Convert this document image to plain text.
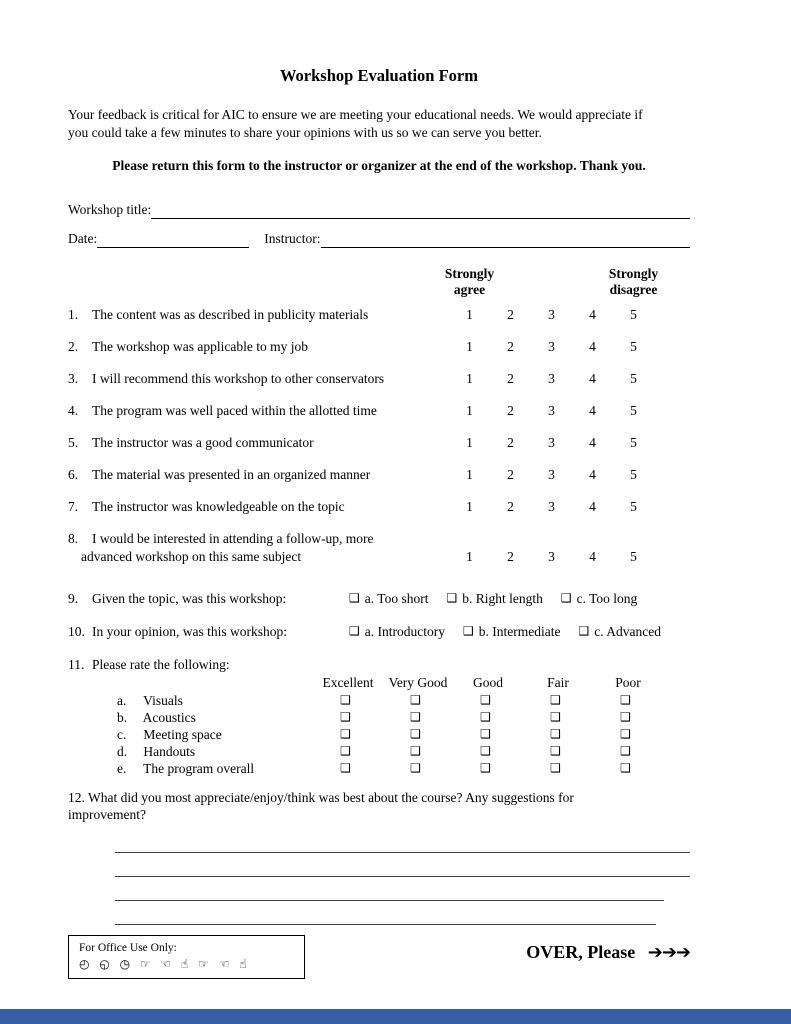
Workshop Evaluation Form

Your feedback is critical for AIC to ensure we are meeting your educational needs. We would appreciate if
you could take a few minutes to share your opinions with us so we can serve you better.

Please return this form to the instructor or organizer at the end of the workshop. Thank you.

Workshop title:
Date:	Instructor:
Strongly
agree
Strongly
disagree
1.	The content was as described in publicity materials	1	2	3	4	5
2.	The workshop was applicable to my job	1	2	3	4	5
3.	I will recommend this workshop to other conservators	1	2	3	4	5
4.	The program was well paced within the allotted time	1	2	3	4	5
5.	The instructor was a good communicator	1	2	3	4	5
6.	The material was presented in an organized manner	1	2	3	4	5
7.	The instructor was knowledgeable on the topic	1	2	3	4	5
8.	I would be interested in attending a follow-up, more
advanced workshop on this same subject	1	2	3	4	5
9.	Given the topic, was this workshop:	❑ a. Too short ❑ b. Right length ❑ c. Too long
10. In your opinion, was this workshop:	❑ a. Introductory ❑ b. Intermediate ❑ c. Advanced
11. Please rate the following:
Excellent	Very Good	Good	Fair	Poor
a. Visuals	❑	❑	❑	❑	❑
b. Acoustics	❑	❑	❑	❑	❑
c. Meeting space	❑	❑	❑	❑	❑
d. Handouts	❑	❑	❑	❑	❑
e. The program overall	❑	❑	❑	❑	❑
12. What did you most appreciate/enjoy/think was best about the course? Any suggestions for
improvement?
For Office Use Only:
◴ ◵ ◷ ☞ ☜ ☝ ☞ ☜ ☝
OVER, Please ➔➔➔
